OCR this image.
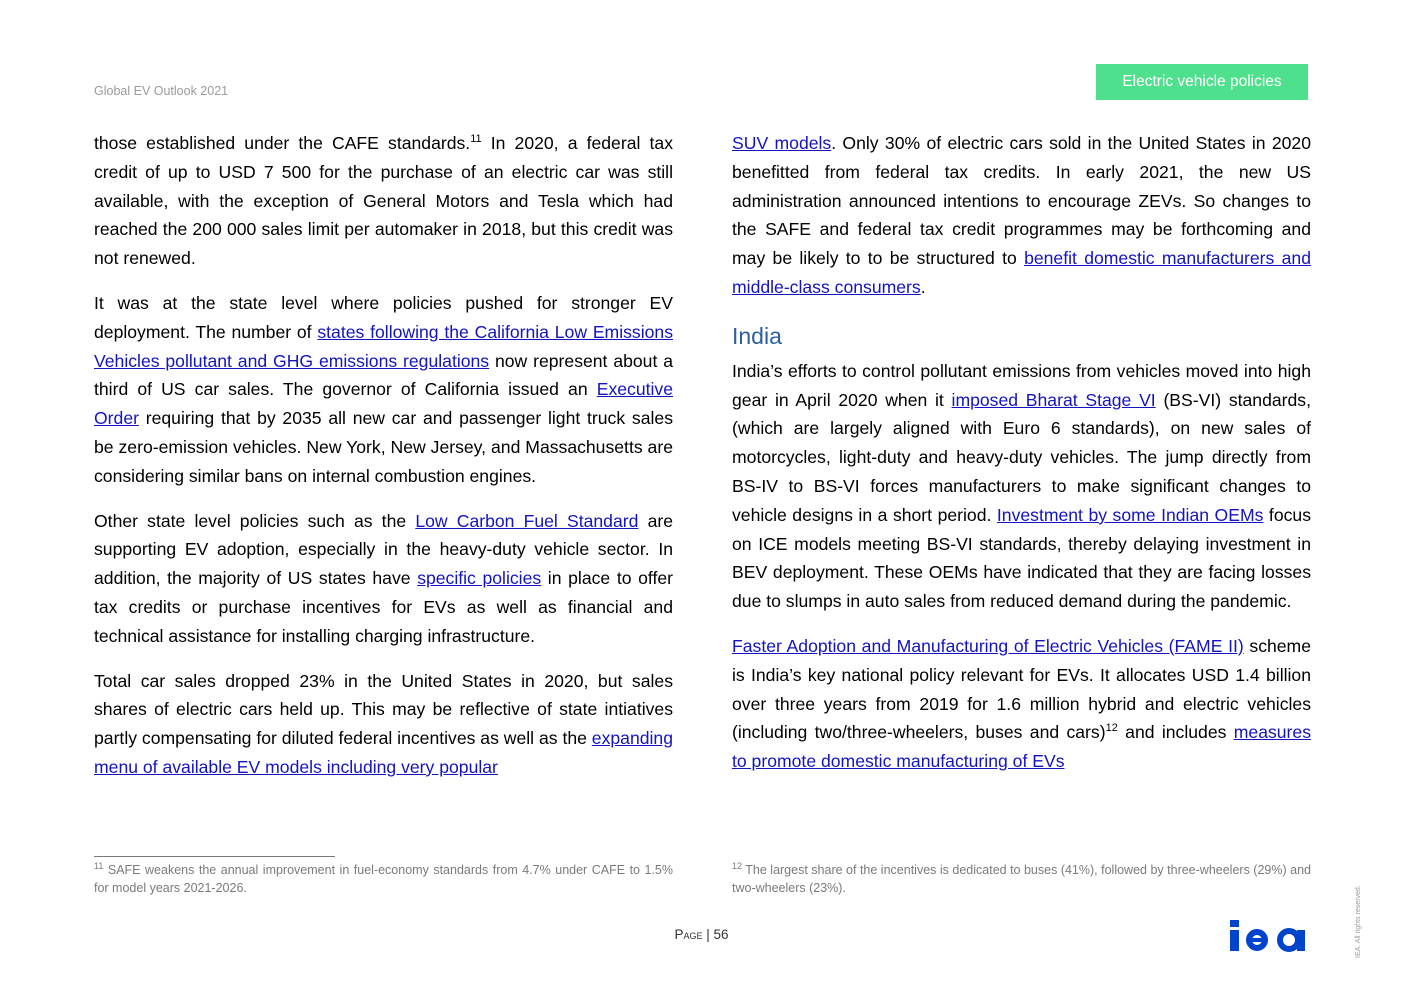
Global EV Outlook 2021
Electric vehicle policies

those established under the CAFE standards.$^{11}$ In 2020, a federal tax credit of up to USD 7 500 for the purchase of an electric car was still available, with the exception of General Motors and Tesla which had reached the 200 000 sales limit per automaker in 2018, but this credit was not renewed.

It was at the state level where policies pushed for stronger EV deployment. The number of states following the California Low Emissions Vehicles pollutant and GHG emissions regulations now represent about a third of US car sales. The governor of California issued an Executive Order requiring that by 2035 all new car and passenger light truck sales be zero-emission vehicles. New York, New Jersey, and Massachusetts are considering similar bans on internal combustion engines.

Other state level policies such as the Low Carbon Fuel Standard are supporting EV adoption, especially in the heavy-duty vehicle sector. In addition, the majority of US states have specific policies in place to offer tax credits or purchase incentives for EVs as well as financial and technical assistance for installing charging infrastructure.

Total car sales dropped 23% in the United States in 2020, but sales shares of electric cars held up. This may be reflective of state intiatives partly compensating for diluted federal incentives as well as the expanding menu of available EV models including very popular

SUV models. Only 30% of electric cars sold in the United States in 2020 benefitted from federal tax credits. In early 2021, the new US administration announced intentions to encourage ZEVs. So changes to the SAFE and federal tax credit programmes may be forthcoming and may be likely to to be structured to benefit domestic manufacturers and middle-class consumers.

India

India’s efforts to control pollutant emissions from vehicles moved into high gear in April 2020 when it imposed Bharat Stage VI (BS-VI) standards, (which are largely aligned with Euro 6 standards), on new sales of motorcycles, light-duty and heavy-duty vehicles. The jump directly from BS-IV to BS-VI forces manufacturers to make significant changes to vehicle designs in a short period. Investment by some Indian OEMs focus on ICE models meeting BS-VI standards, thereby delaying investment in BEV deployment. These OEMs have indicated that they are facing losses due to slumps in auto sales from reduced demand during the pandemic.

Faster Adoption and Manufacturing of Electric Vehicles (FAME II) scheme is India’s key national policy relevant for EVs. It allocates USD 1.4 billion over three years from 2019 for 1.6 million hybrid and electric vehicles (including two/three-wheelers, buses and cars)$^{12}$ and includes measures to promote domestic manufacturing of EVs

$^{11}$ SAFE weakens the annual improvement in fuel-economy standards from 4.7% under CAFE to 1.5% for model years 2021-2026.
$^{12}$ The largest share of the incentives is dedicated to buses (41%), followed by three-wheelers (29%) and two-wheelers (23%).
Page | 56	IEA. All rights reserved.
